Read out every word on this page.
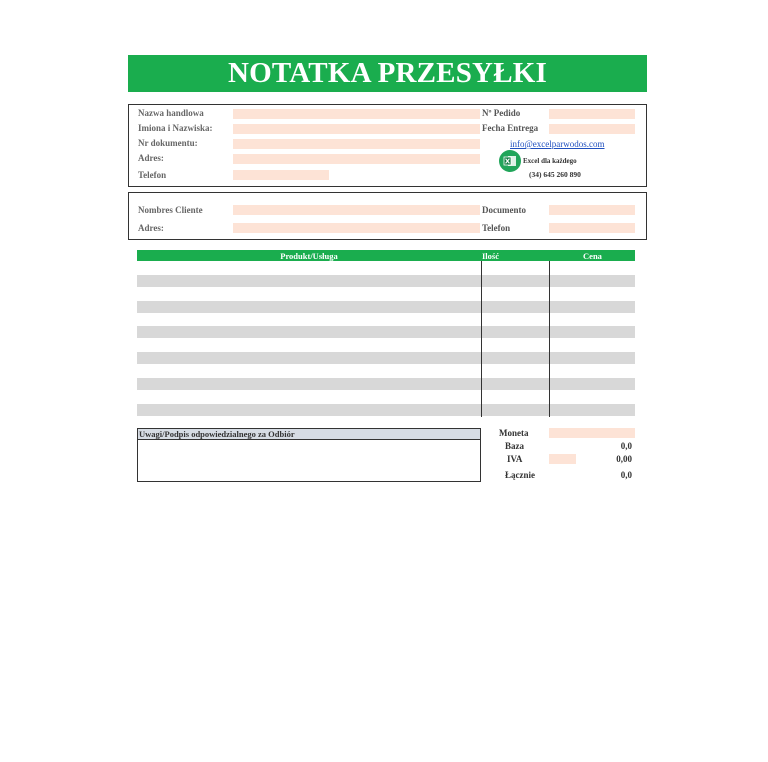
NOTATKA PRZESYŁKI
Nazwa handlowa
Imiona i Nazwiska:
Nr dokumentu:
Adres:
Telefon
Nº Pedido
Fecha Entrega
info@excelparwodos.com
Excel dla każdego
(34) 645 260 890
Nombres Cliente
Adres:
Documento
Telefon
Produkt/Usługa	Ilość	Cena
Uwagi/Podpis odpowiedzialnego za Odbiór	Moneta
Baza	0,0
IVA	0,00
Łącznie	0,0
